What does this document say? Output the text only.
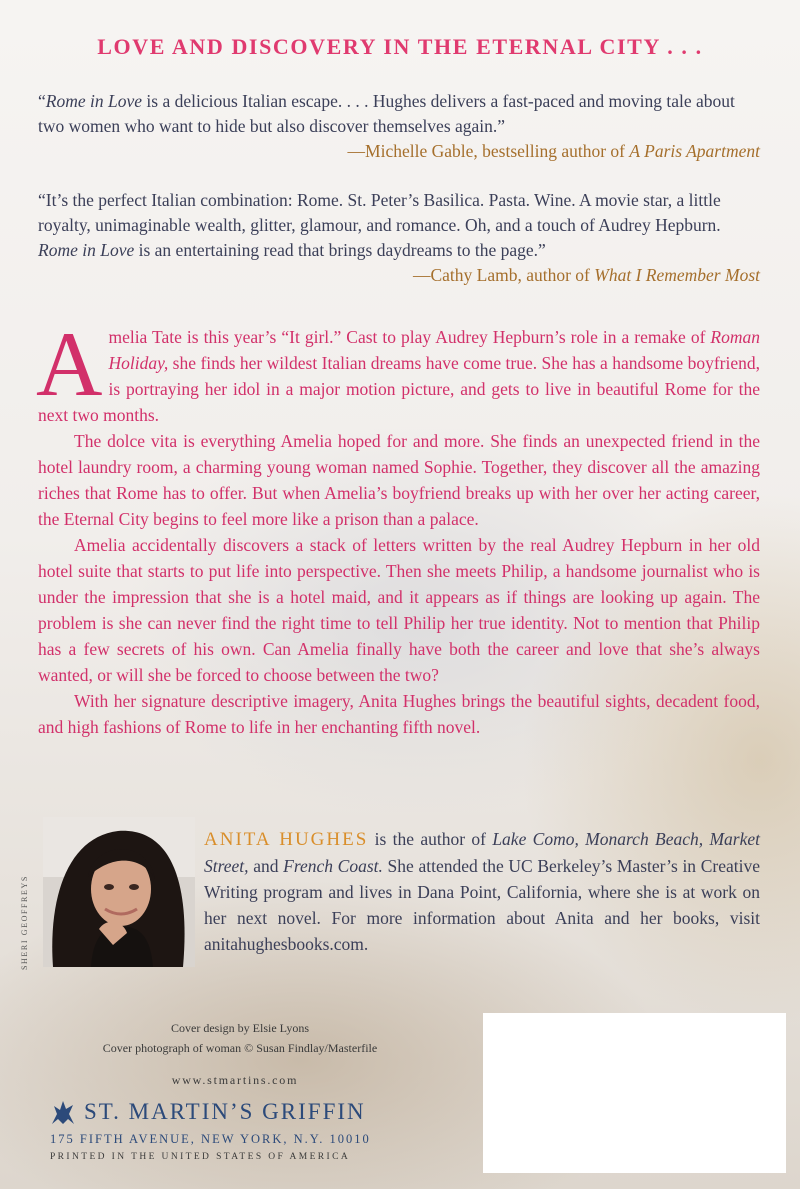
LOVE AND DISCOVERY IN THE ETERNAL CITY . . .

“Rome in Love is a delicious Italian escape. . . . Hughes delivers a fast-paced and moving tale about two women who want to hide but also discover themselves again.”

—Michelle Gable, bestselling author of A Paris Apartment

“It’s the perfect Italian combination: Rome. St. Peter’s Basilica. Pasta. Wine. A movie star, a little royalty, unimaginable wealth, glitter, glamour, and romance. Oh, and a touch of Audrey Hepburn. Rome in Love is an entertaining read that brings daydreams to the page.”

—Cathy Lamb, author of What I Remember Most

Amelia Tate is this year’s “It girl.” Cast to play Audrey Hepburn’s role in a remake of Roman Holiday, she finds her wildest Italian dreams have come true. She has a handsome boyfriend, is portraying her idol in a major motion picture, and gets to live in beautiful Rome for the next two months.

The dolce vita is everything Amelia hoped for and more. She finds an unexpected friend in the hotel laundry room, a charming young woman named Sophie. Together, they discover all the amazing riches that Rome has to offer. But when Amelia’s boyfriend breaks up with her over her acting career, the Eternal City begins to feel more like a prison than a palace.

Amelia accidentally discovers a stack of letters written by the real Audrey Hepburn in her old hotel suite that starts to put life into perspective. Then she meets Philip, a handsome journalist who is under the impression that she is a hotel maid, and it appears as if things are looking up again. The problem is she can never find the right time to tell Philip her true identity. Not to mention that Philip has a few secrets of his own. Can Amelia finally have both the career and love that she’s always wanted, or will she be forced to choose between the two?

With her signature descriptive imagery, Anita Hughes brings the beautiful sights, decadent food, and high fashions of Rome to life in her enchanting fifth novel.

SHERI GEOFFREYS
ANITA HUGHES is the author of Lake Como, Monarch Beach, Market Street, and French Coast. She attended the UC Berkeley’s Master’s in Creative Writing program and lives in Dana Point, California, where she is at work on her next novel. For more information about Anita and her books, visit anitahughesbooks.com.
Cover design by Elsie Lyons
Cover photograph of woman © Susan Findlay/Masterfile
www.stmartins.com
ST. MARTIN’S GRIFFIN
175 FIFTH AVENUE, NEW YORK, N.Y. 10010
PRINTED IN THE UNITED STATES OF AMERICA
